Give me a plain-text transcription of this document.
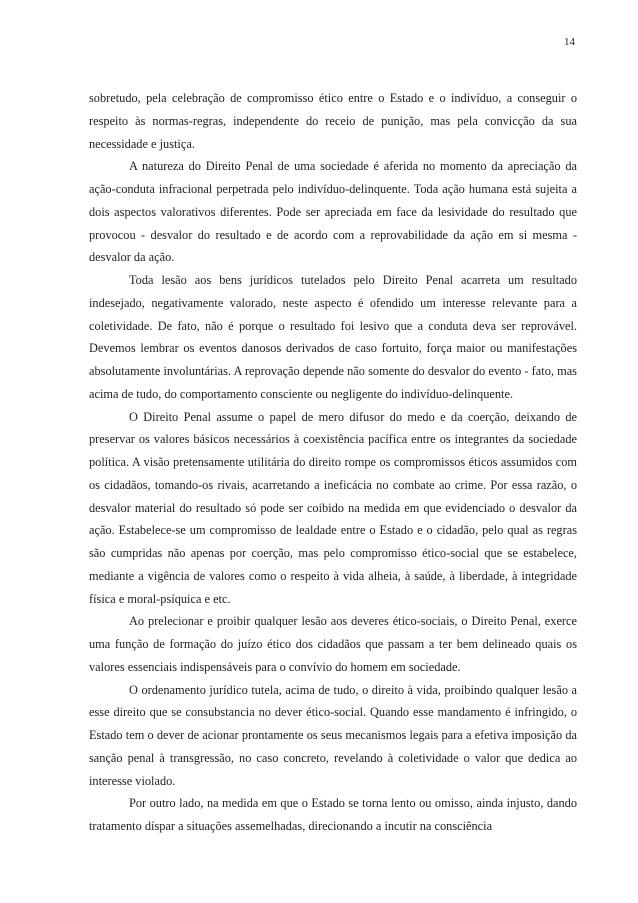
14

sobretudo, pela celebração de compromisso ético entre o Estado e o indivíduo, a conseguir o respeito às normas-regras, independente do receio de punição, mas pela convicção da sua necessidade e justiça.

A natureza do Direito Penal de uma sociedade é aferida no momento da apreciação da ação-conduta infracional perpetrada pelo indivíduo-delinquente. Toda ação humana está sujeita a dois aspectos valorativos diferentes. Pode ser apreciada em face da lesividade do resultado que provocou - desvalor do resultado e de acordo com a reprovabilidade da ação em si mesma - desvalor da ação.

Toda lesão aos bens jurídicos tutelados pelo Direito Penal acarreta um resultado indesejado, negativamente valorado, neste aspecto é ofendido um interesse relevante para a coletividade. De fato, não é porque o resultado foi lesivo que a conduta deva ser reprovável. Devemos lembrar os eventos danosos derivados de caso fortuito, força maior ou manifestações absolutamente involuntárias. A reprovação depende não somente do desvalor do evento - fato, mas acima de tudo, do comportamento consciente ou negligente do indivíduo-delinquente.

O Direito Penal assume o papel de mero difusor do medo e da coerção, deixando de preservar os valores básicos necessários à coexistência pacífica entre os integrantes da sociedade política. A visão pretensamente utilitária do direito rompe os compromissos éticos assumidos com os cidadãos, tomando-os rivais, acarretando a ineficácia no combate ao crime. Por essa razão, o desvalor material do resultado só pode ser coibido na medida em que evidenciado o desvalor da ação. Estabelece-se um compromisso de lealdade entre o Estado e o cidadão, pelo qual as regras são cumpridas não apenas por coerção, mas pelo compromisso ético-social que se estabelece, mediante a vigência de valores como o respeito à vida alheia, à saúde, à liberdade, à integridade física e moral-psíquica e etc.

Ao prelecionar e proibir qualquer lesão aos deveres ético-sociais, o Direito Penal, exerce uma função de formação do juízo ético dos cidadãos que passam a ter bem delineado quais os valores essenciais indispensáveis para o convívio do homem em sociedade.

O ordenamento jurídico tutela, acima de tudo, o direito à vida, proibindo qualquer lesão a esse direito que se consubstancia no dever ético-social. Quando esse mandamento é infringido, o Estado tem o dever de acionar prontamente os seus mecanismos legais para a efetiva imposição da sanção penal à transgressão, no caso concreto, revelando à coletividade o valor que dedica ao interesse violado.

Por outro lado, na medida em que o Estado se torna lento ou omisso, ainda injusto, dando tratamento díspar a situações assemelhadas, direcionando a incutir na consciência
